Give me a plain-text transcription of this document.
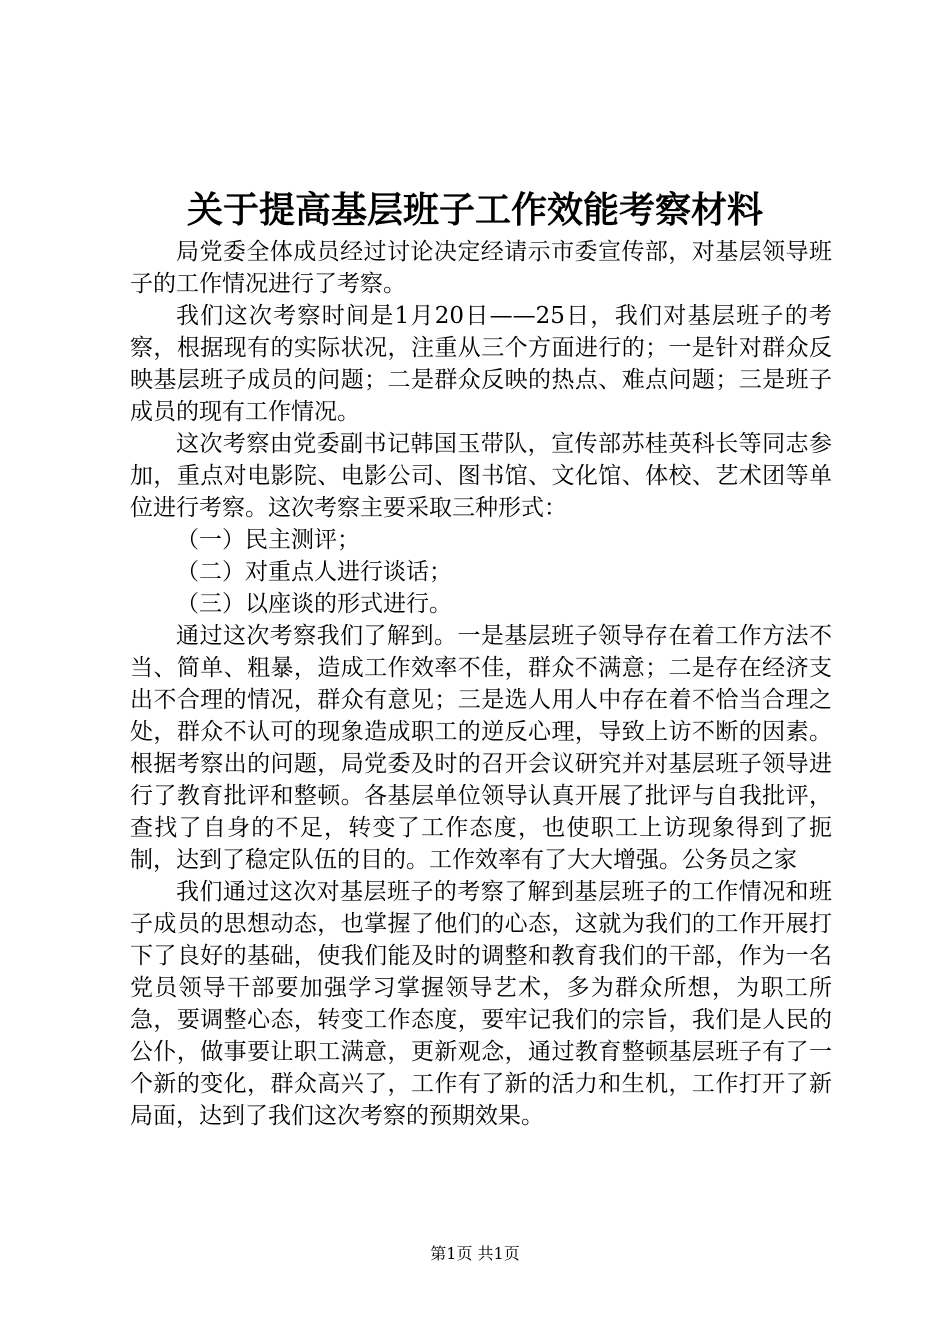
关于提高基层班子工作效能考察材料

局党委全体成员经过讨论决定经请示市委宣传部，对基层领导班子的工作情况进行了考察。

我们这次考察时间是1月20日——25日，我们对基层班子的考察，根据现有的实际状况，注重从三个方面进行的；一是针对群众反映基层班子成员的问题；二是群众反映的热点、难点问题；三是班子成员的现有工作情况。

这次考察由党委副书记韩国玉带队，宣传部苏桂英科长等同志参加，重点对电影院、电影公司、图书馆、文化馆、体校、艺术团等单位进行考察。这次考察主要采取三种形式：

（一）民主测评；

（二）对重点人进行谈话；

（三）以座谈的形式进行。

通过这次考察我们了解到。一是基层班子领导存在着工作方法不当、简单、粗暴，造成工作效率不佳，群众不满意；二是存在经济支出不合理的情况，群众有意见；三是选人用人中存在着不恰当合理之处，群众不认可的现象造成职工的逆反心理，导致上访不断的因素。根据考察出的问题，局党委及时的召开会议研究并对基层班子领导进行了教育批评和整顿。各基层单位领导认真开展了批评与自我批评，查找了自身的不足，转变了工作态度，也使职工上访现象得到了扼制，达到了稳定队伍的目的。工作效率有了大大增强。公务员之家

我们通过这次对基层班子的考察了解到基层班子的工作情况和班子成员的思想动态，也掌握了他们的心态，这就为我们的工作开展打下了良好的基础，使我们能及时的调整和教育我们的干部，作为一名党员领导干部要加强学习掌握领导艺术，多为群众所想，为职工所急，要调整心态，转变工作态度，要牢记我们的宗旨，我们是人民的公仆，做事要让职工满意，更新观念，通过教育整顿基层班子有了一个新的变化，群众高兴了，工作有了新的活力和生机，工作打开了新局面，达到了我们这次考察的预期效果。

第1页 共1页
